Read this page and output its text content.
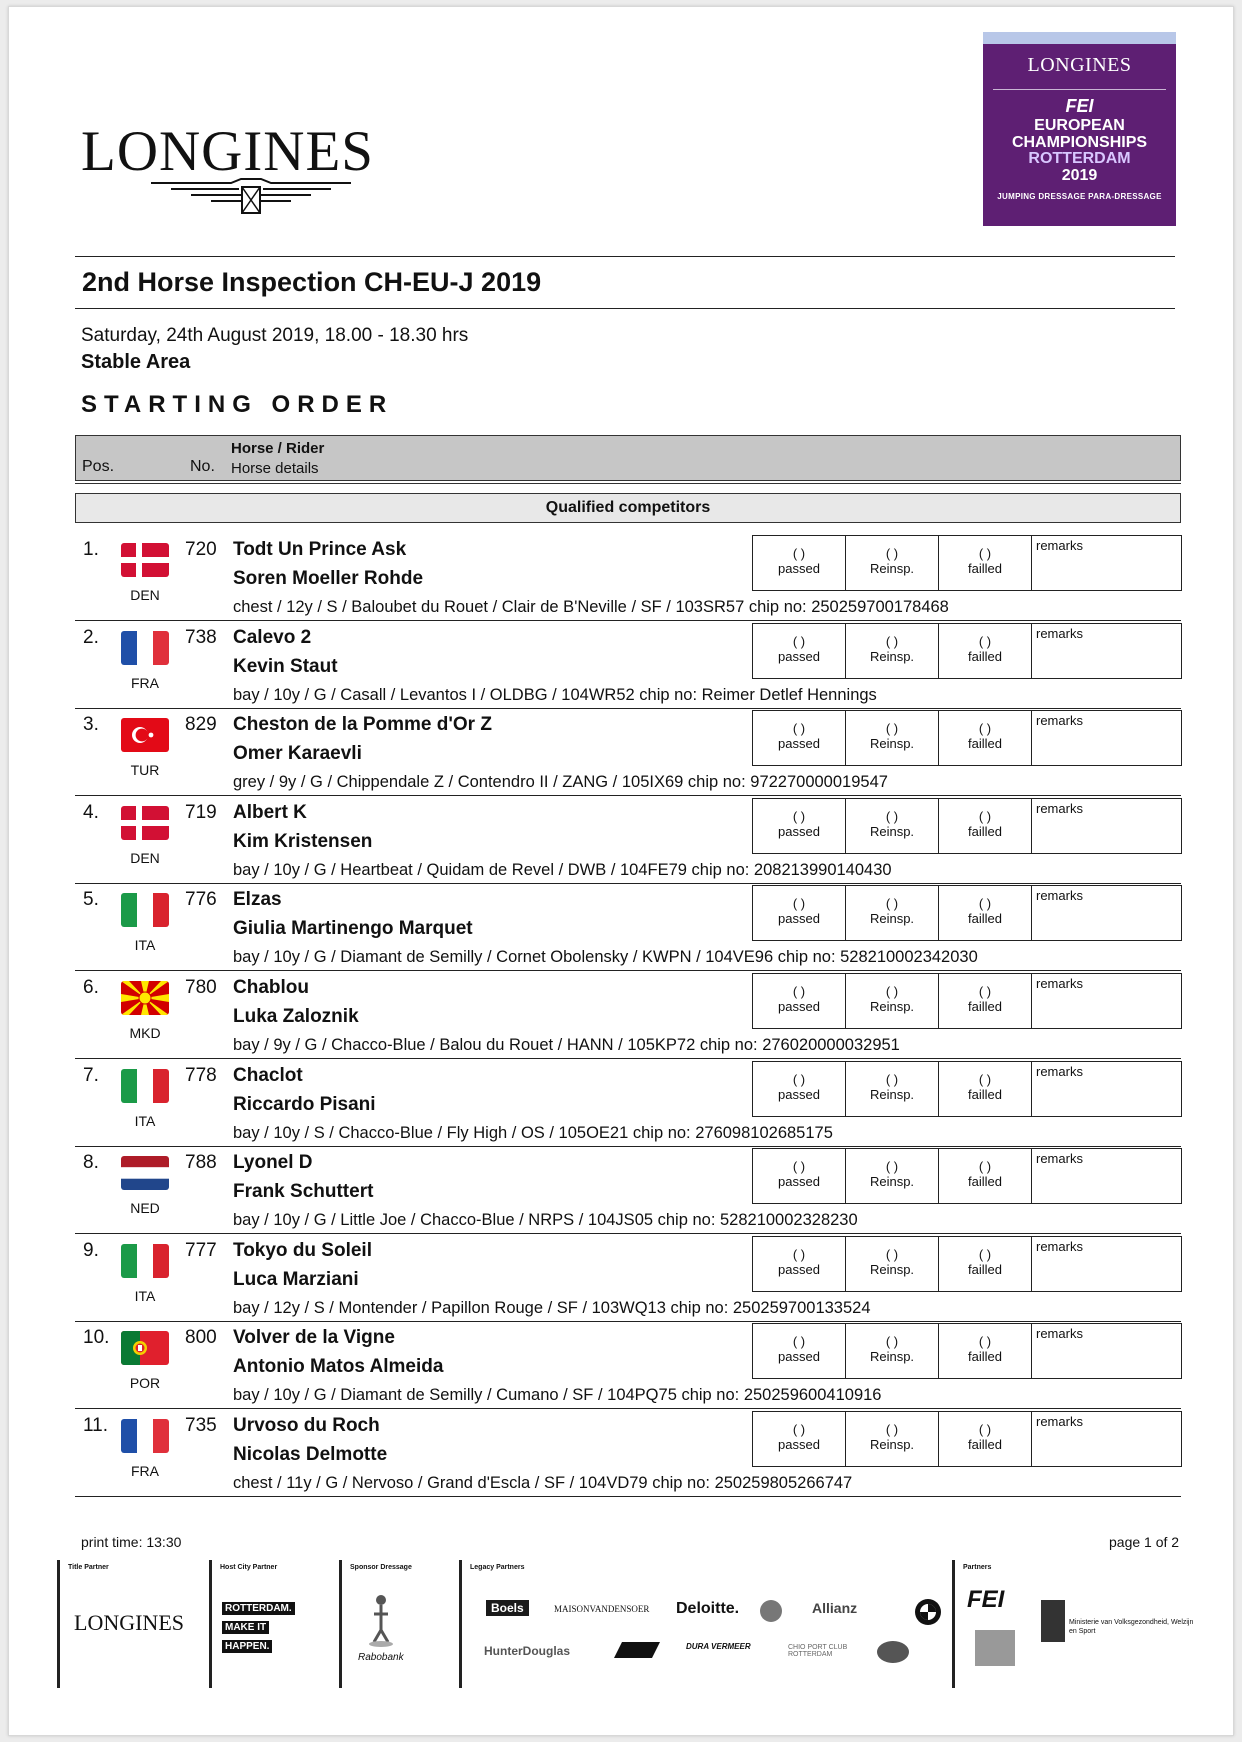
LONGINES
LONGINES
FEI
EUROPEAN
CHAMPIONSHIPS
ROTTERDAM
2019
JUMPING DRESSAGE PARA-DRESSAGE
2nd Horse Inspection CH-EU-J 2019
Saturday, 24th August 2019, 18.00 - 18.30 hrs
Stable Area
STARTING ORDER
Pos.	No.
Horse / Rider
Horse details
Qualified competitors
1.
DEN
720 Todt Un Prince Ask
Soren Moeller Rohde
chest / 12y / S / Baloubet du Rouet / Clair de B'Neville / SF / 103SR57 chip no: 250259700178468
( )
passed
( )
Reinsp.
( )
failled
remarks
2.
FRA
738 Calevo 2
Kevin Staut
bay / 10y / G / Casall / Levantos I / OLDBG / 104WR52 chip no: Reimer Detlef Hennings
( )
passed
( )
Reinsp.
( )
failled
remarks
3.
TUR
829 Cheston de la Pomme d'Or Z
Omer Karaevli
grey / 9y / G / Chippendale Z / Contendro II / ZANG / 105IX69 chip no: 972270000019547
( )
passed
( )
Reinsp.
( )
failled
remarks
4.
DEN
719 Albert K
Kim Kristensen
bay / 10y / G / Heartbeat / Quidam de Revel / DWB / 104FE79 chip no: 208213990140430
( )
passed
( )
Reinsp.
( )
failled
remarks
5.
ITA
776 Elzas
Giulia Martinengo Marquet
bay / 10y / G / Diamant de Semilly / Cornet Obolensky / KWPN / 104VE96 chip no: 528210002342030
( )
passed
( )
Reinsp.
( )
failled
remarks
6.
MKD
780 Chablou
Luka Zaloznik
bay / 9y / G / Chacco-Blue / Balou du Rouet / HANN / 105KP72 chip no: 276020000032951
( )
passed
( )
Reinsp.
( )
failled
remarks
7.
ITA
778 Chaclot
Riccardo Pisani
bay / 10y / S / Chacco-Blue / Fly High / OS / 105OE21 chip no: 276098102685175
( )
passed
( )
Reinsp.
( )
failled
remarks
8.
NED
788 Lyonel D
Frank Schuttert
bay / 10y / G / Little Joe / Chacco-Blue / NRPS / 104JS05 chip no: 528210002328230
( )
passed
( )
Reinsp.
( )
failled
remarks
9.
ITA
777 Tokyo du Soleil
Luca Marziani
bay / 12y / S / Montender / Papillon Rouge / SF / 103WQ13 chip no: 250259700133524
( )
passed
( )
Reinsp.
( )
failled
remarks
10.
POR
800 Volver de la Vigne
Antonio Matos Almeida
bay / 10y / G / Diamant de Semilly / Cumano / SF / 104PQ75 chip no: 250259600410916
( )
passed
( )
Reinsp.
( )
failled
remarks
11.
FRA
735 Urvoso du Roch
Nicolas Delmotte
chest / 11y / G / Nervoso / Grand d'Escla / SF / 104VD79 chip no: 250259805266747
( )
passed
( )
Reinsp.
( )
failled
remarks
print time: 13:30	page 1 of 2
Title Partner
LONGINES
Host City Partner
ROTTERDAM.
MAKE IT
HAPPEN.
Sponsor Dressage
Rabobank
Legacy Partners
Boels	MAISONVANDENSOER Deloitte.	Allianz
HunterDouglas	DURA VERMEER	CHIO PORT CLUB ROTTERDAM
Partners
FEI
Ministerie van Volksgezondheid, Welzijn en Sport
